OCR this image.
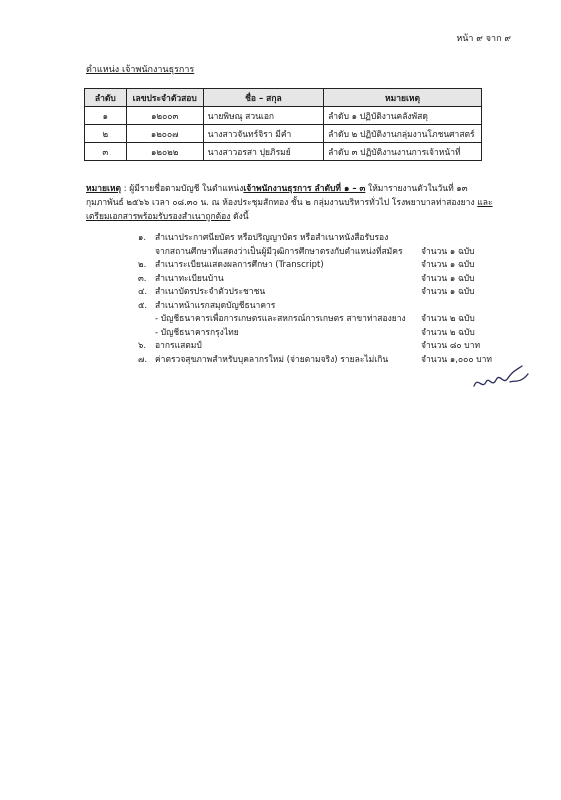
หน้า ๙ จาก ๙
ตำแหน่ง เจ้าพนักงานธุรการ
ลำดับ	เลขประจำตัวสอบ	ชื่อ – สกุล	หมายเหตุ
๑	๑๒๐๐๓	นายพิษณุ สวนเอก	ลำดับ ๑ ปฏิบัติงานคลังพัสดุ
๒	๑๒๐๐๗	นางสาวจันทร์จิรา มีคำ	ลำดับ ๒ ปฏิบัติงานกลุ่มงานโภชนศาสตร์
๓	๑๒๐๒๒	นางสาวอรสา ปุยภิรมย์	ลำดับ ๓ ปฏิบัติงานงานการเจ้าหน้าที่
หมายเหตุ : ผู้มีรายชื่อตามบัญชี ในตำแหน่งเจ้าพนักงานธุรการ ลำดับที่ ๑ – ๓ ให้มารายงานตัวในวันที่ ๑๓ กุมภาพันธ์ ๒๕๖๖ เวลา ๐๘.๓๐ น. ณ ห้องประชุมสักทอง ชั้น ๒ กลุ่มงานบริหารทั่วไป โรงพยาบาลท่าสองยาง และเตรียมเอกสารพร้อมรับรองสำเนาถูกต้อง ดังนี้
๑.	สำเนาประกาศนียบัตร หรือปริญญาบัตร หรือสำเนาหนังสือรับรอง
จากสถานศึกษาที่แสดงว่าเป็นผู้มีวุฒิการศึกษาตรงกับตำแหน่งที่สมัคร จำนวน ๑ ฉบับ
๒.	สำเนาระเบียนแสดงผลการศึกษา (Transcript)	จำนวน ๑ ฉบับ
๓. สำเนาทะเบียนบ้าน	จำนวน ๑ ฉบับ
๔. สำเนาบัตรประจำตัวประชาชน	จำนวน ๑ ฉบับ
๕. สำเนาหน้าแรกสมุดบัญชีธนาคาร
- บัญชีธนาคารเพื่อการเกษตรและสหกรณ์การเกษตร สาขาท่าสองยาง จำนวน ๒ ฉบับ
- บัญชีธนาคารกรุงไทย	จำนวน ๒ ฉบับ
๖.	อากรแสตมป์	จำนวน ๘๐ บาท
๗. ค่าตรวจสุขภาพสำหรับบุคลากรใหม่ (จ่ายตามจริง) รายละไม่เกิน	จำนวน ๑,๐๐๐ บาท
